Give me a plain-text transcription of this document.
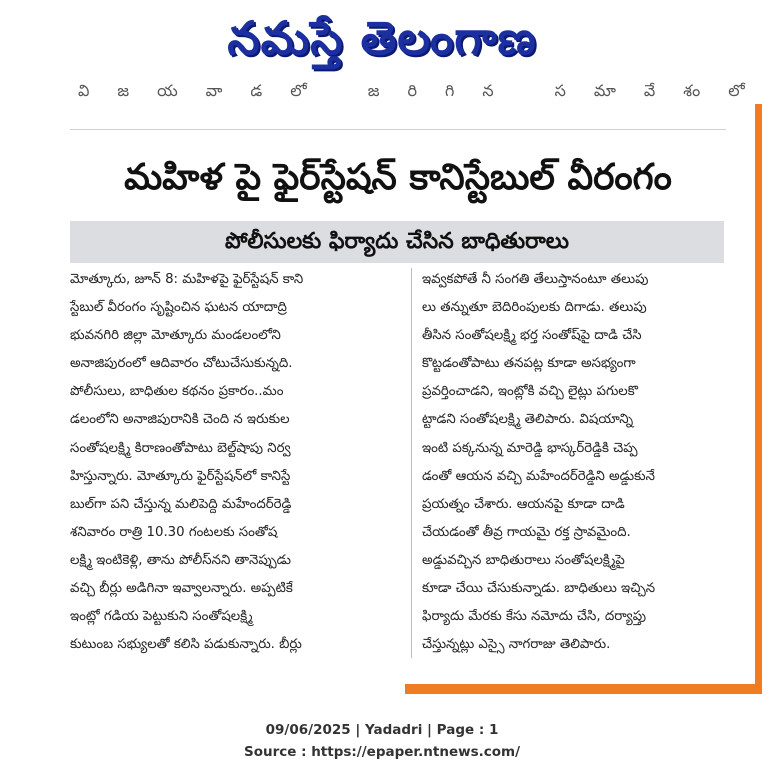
నమస్తే తెలంగాణ
విజయవాడలో జరిగిన సమావేశంలో
మహిళ పై ఫైర్‌స్టేషన్ కానిస్టేబుల్ వీరంగం
పోలీసులకు ఫిర్యాదు చేసిన బాధితురాలు
మోత్కూరు, జూన్ 8: మహిళపై ఫైర్‌స్టేషన్ కాని
స్టేబుల్ వీరంగం సృష్టించిన ఘటన యాదాద్రి
భువనగిరి జిల్లా మోత్కూరు మండలంలోని
అనాజిపురంలో ఆదివారం చోటుచేసుకున్నది.
పోలీసులు, బాధితుల కథనం ప్రకారం..మం
డలంలోని అనాజిపురానికి చెంది న ఇరుకుల
సంతోషలక్ష్మి కిరాణంతోపాటు బెల్ట్‌షాపు నిర్వ
హిస్తున్నారు. మోత్కూరు ఫైర్‌స్టేషన్‌లో కానిస్టే
బుల్‌గా పని చేస్తున్న మలిపెద్ది మహేందర్‌రెడ్డి
శనివారం రాత్రి 10.30 గంటలకు సంతోష
లక్ష్మి ఇంటికెళ్లి, తాను పోలీస్‌నని తానెప్పుడు
వచ్చి బీర్లు అడిగినా ఇవ్వాలన్నారు. అప్పటికే
ఇంట్లో గడియ పెట్టుకుని సంతోషలక్ష్మి
కుటుంబ సభ్యులతో కలిసి పడుకున్నారు. బీర్లు
ఇవ్వకపోతే నీ సంగతి తేలుస్తానంటూ తలుపు
లు తన్నుతూ బెదిరింపులకు దిగాడు. తలుపు
తీసిన సంతోషలక్ష్మి భర్త సంతోష్‌పై దాడి చేసి
కొట్టడంతోపాటు తనపట్ల కూడా అసభ్యంగా
ప్రవర్తించాడని, ఇంట్లోకి వచ్చి లైట్లు పగులకొ
ట్టాడని సంతోషలక్ష్మి తెలిపారు. విషయాన్ని
ఇంటి పక్కనున్న మారెడ్డి భాస్కర్‌రెడ్డికి చెప్ప
డంతో ఆయన వచ్చి మహేందర్‌రెడ్డిని అడ్డుకునే
ప్రయత్నం చేశారు. ఆయనపై కూడా దాడి
చేయడంతో తీవ్ర గాయమై రక్త స్రావమైంది.
అడ్డువచ్చిన బాధితురాలు సంతోషలక్ష్మిపై
కూడా చేయి చేసుకున్నాడు. బాధితులు ఇచ్చిన
ఫిర్యాదు మేరకు కేసు నమోదు చేసి, దర్యాప్తు
చేస్తున్నట్లు ఎస్సై నాగరాజు తెలిపారు.
09/06/2025 | Yadadri | Page : 1
Source : https://epaper.ntnews.com/
